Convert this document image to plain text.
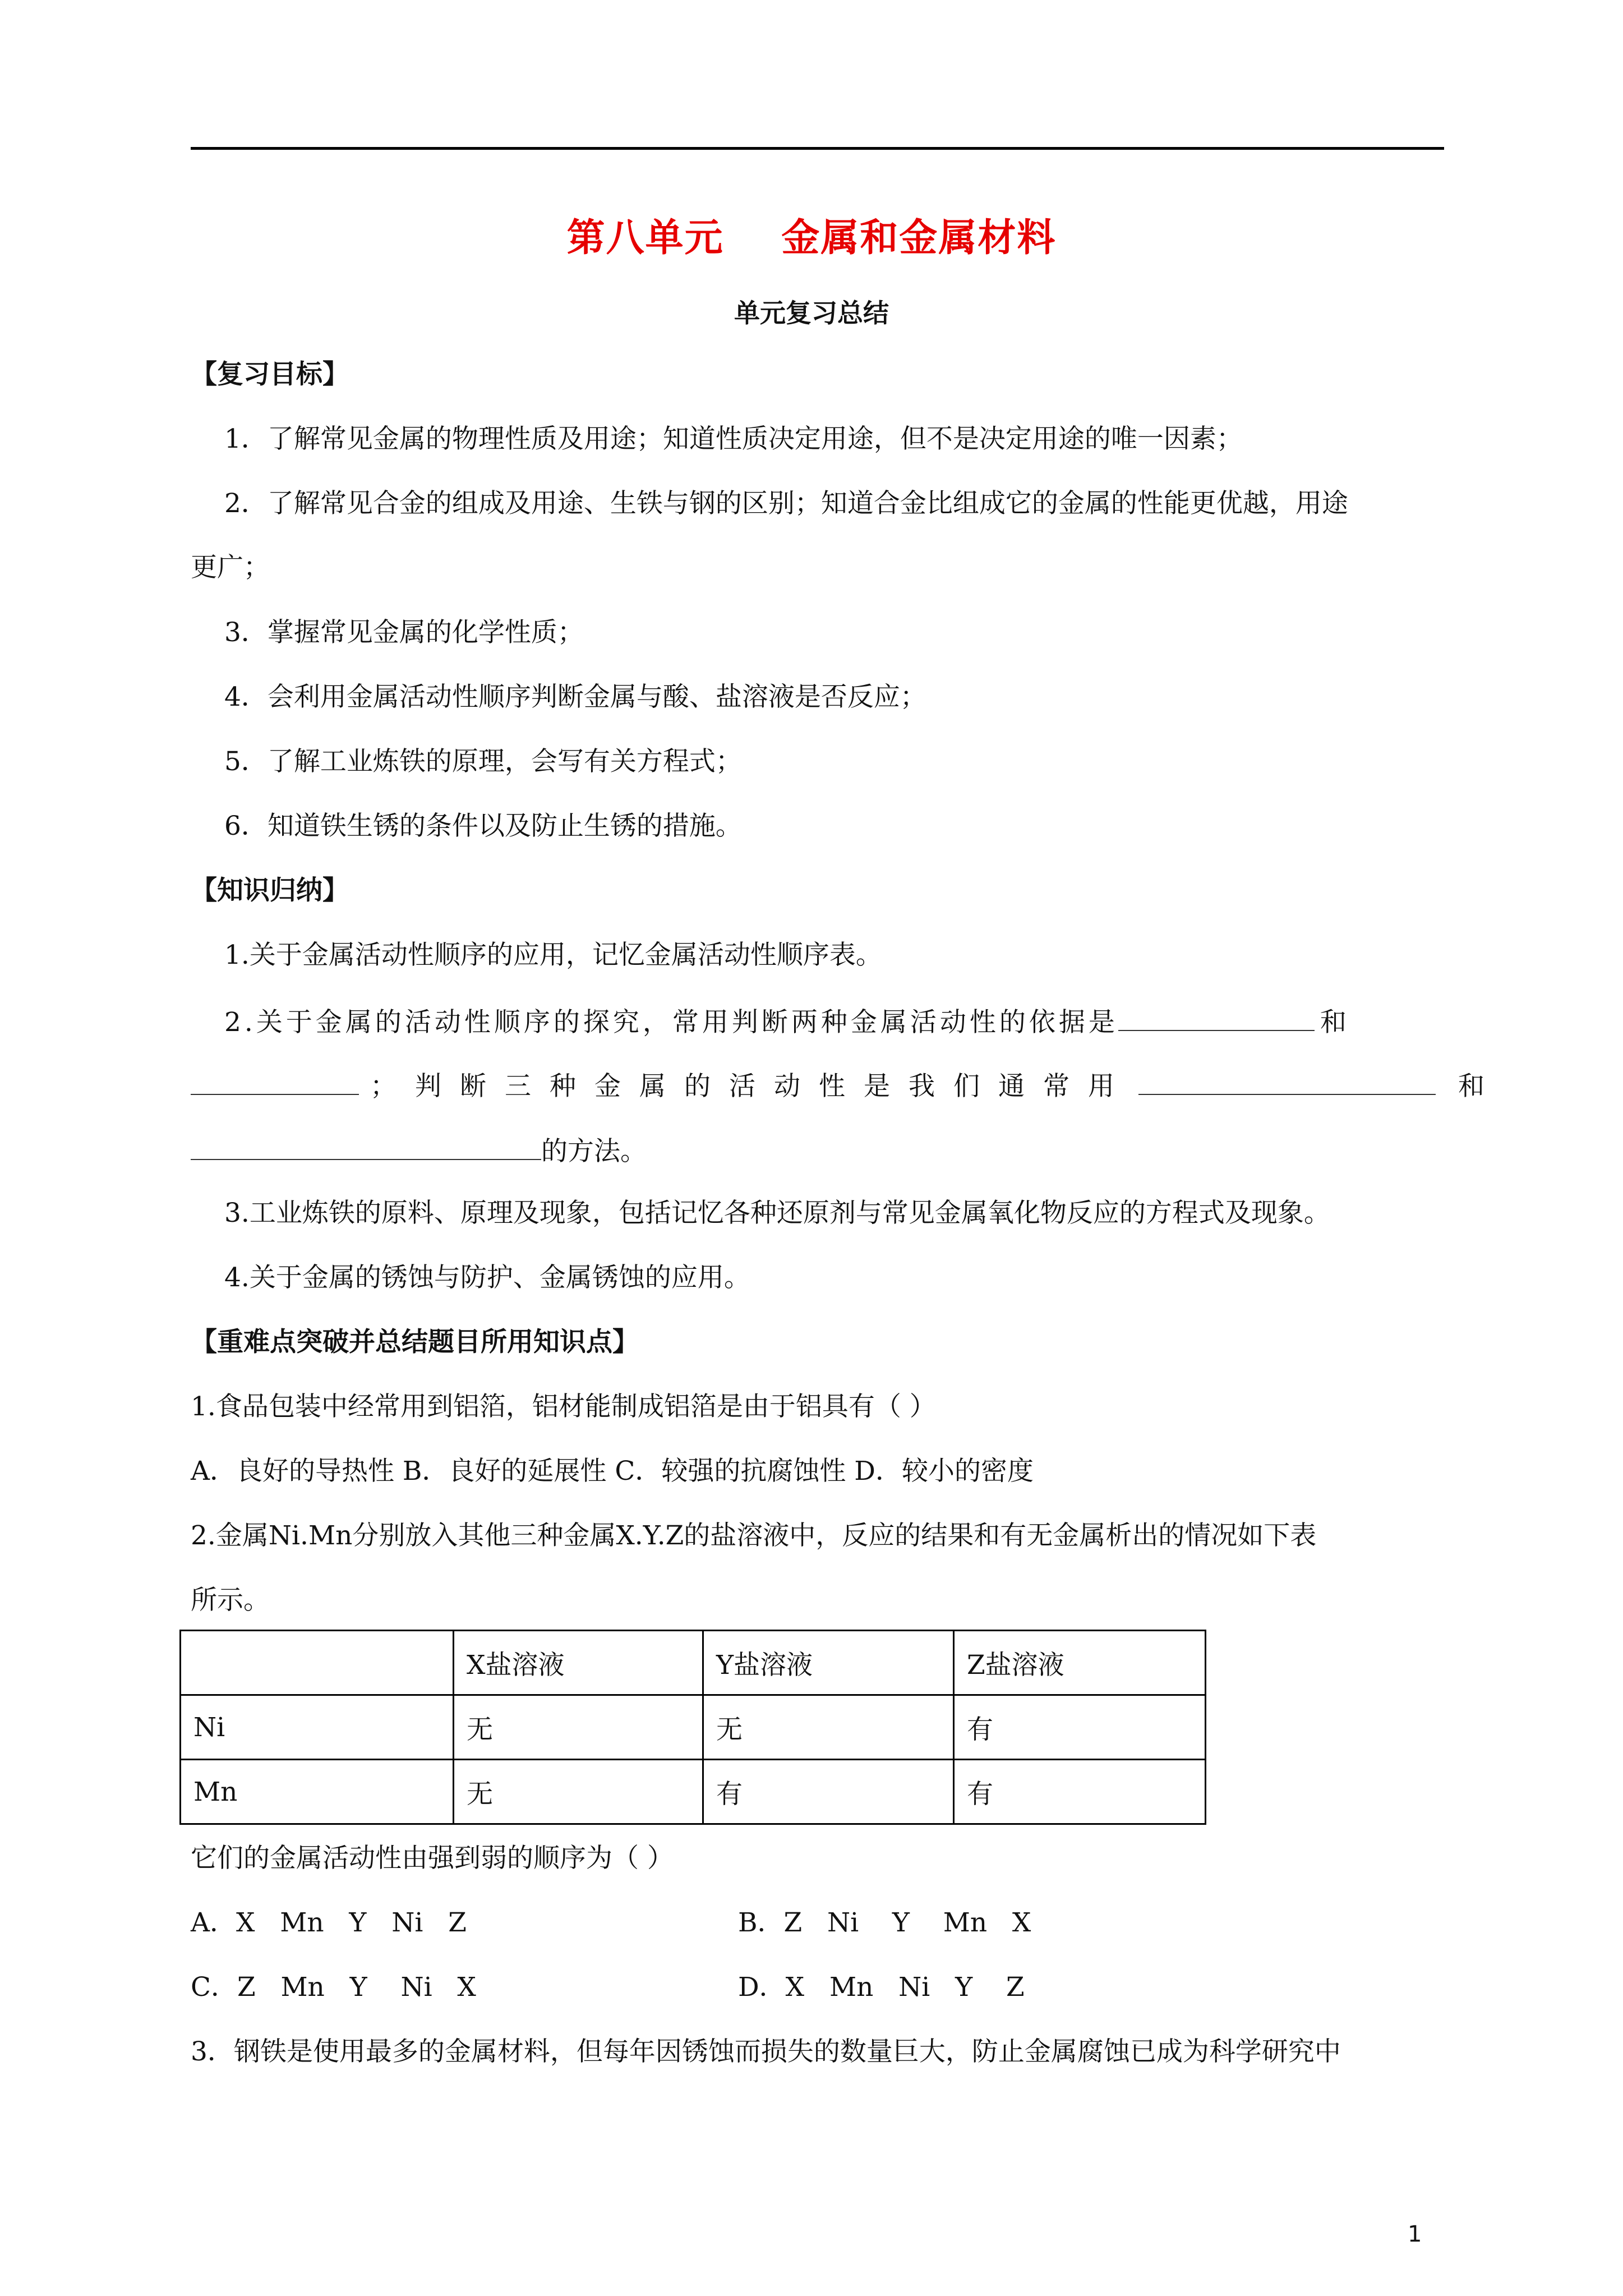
第八单元    金属和金属材料
单元复习总结
【复习目标】
1．了解常见金属的物理性质及用途；知道性质决定用途，但不是决定用途的唯一因素；
2．了解常见合金的组成及用途、生铁与钢的区别；知道合金比组成它的金属的性能更优越，用途
更广；
3．掌握常见金属的化学性质；
4．会利用金属活动性顺序判断金属与酸、盐溶液是否反应；
5．了解工业炼铁的原理，会写有关方程式；
6．知道铁生锈的条件以及防止生锈的措施。
【知识归纳】
1.关于金属活动性顺序的应用，记忆金属活动性顺序表。
2.关于金属的活动性顺序的探究，常用判断两种金属活动性的依据是	和
；判断三种金属的活动性是我们通常用	和
的方法。
3.工业炼铁的原料、原理及现象，包括记忆各种还原剂与常见金属氧化物反应的方程式及现象。
4.关于金属的锈蚀与防护、金属锈蚀的应用。
【重难点突破并总结题目所用知识点】
1.食品包装中经常用到铝箔，铝材能制成铝箔是由于铝具有（ ）
A．良好的导热性 B．良好的延展性 C．较强的抗腐蚀性 D．较小的密度
2.金属Ni.Mn分别放入其他三种金属X.Y.Z的盐溶液中，反应的结果和有无金属析出的情况如下表
所示。
	X盐溶液	Y盐溶液	Z盐溶液
Ni	无	无	有
Mn	无	有	有
它们的金属活动性由强到弱的顺序为（ ）
A．X   Mn   Y   Ni   Z	B．Z   Ni    Y    Mn   X
C．Z   Mn   Y    Ni   X	D．X   Mn   Ni   Y    Z
3．钢铁是使用最多的金属材料，但每年因锈蚀而损失的数量巨大，防止金属腐蚀已成为科学研究中
1
